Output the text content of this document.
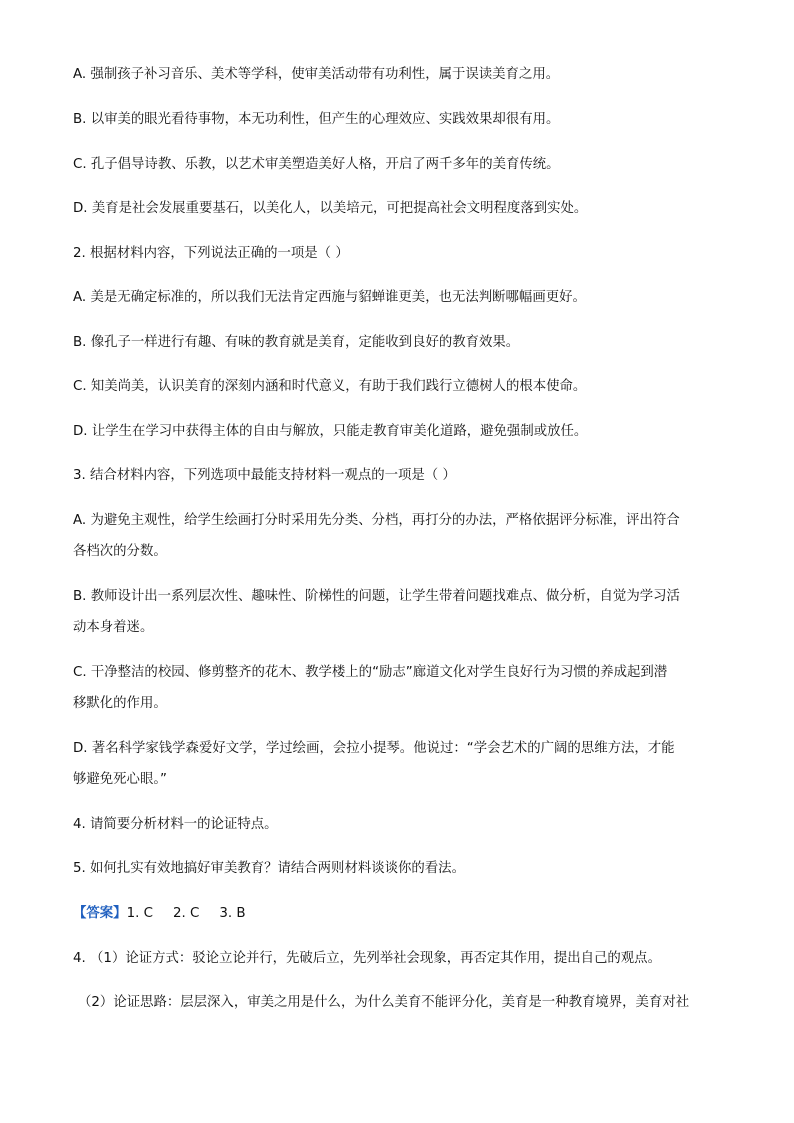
A. 强制孩子补习音乐、美术等学科，使审美活动带有功利性，属于误读美育之用。
B. 以审美的眼光看待事物，本无功利性，但产生的心理效应、实践效果却很有用。
C. 孔子倡导诗教、乐教，以艺术审美塑造美好人格，开启了两千多年的美育传统。
D. 美育是社会发展重要基石，以美化人，以美培元，可把提高社会文明程度落到实处。
2. 根据材料内容，下列说法正确的一项是（ ）
A. 美是无确定标准的，所以我们无法肯定西施与貂蝉谁更美，也无法判断哪幅画更好。
B. 像孔子一样进行有趣、有味的教育就是美育，定能收到良好的教育效果。
C. 知美尚美，认识美育的深刻内涵和时代意义，有助于我们践行立德树人的根本使命。
D. 让学生在学习中获得主体的自由与解放，只能走教育审美化道路，避免强制或放任。
3. 结合材料内容，下列选项中最能支持材料一观点的一项是（ ）
A. 为避免主观性，给学生绘画打分时采用先分类、分档，再打分的办法，严格依据评分标准，评出符合
各档次的分数。
B. 教师设计出一系列层次性、趣味性、阶梯性的问题，让学生带着问题找难点、做分析，自觉为学习活
动本身着迷。
C. 干净整洁的校园、修剪整齐的花木、教学楼上的“励志”廊道文化对学生良好行为习惯的养成起到潜
移默化的作用。
D. 著名科学家钱学森爱好文学，学过绘画，会拉小提琴。他说过：“学会艺术的广阔的思维方法，才能
够避免死心眼。”
4. 请简要分析材料一的论证特点。
5. 如何扎实有效地搞好审美教育？请结合两则材料谈谈你的看法。
【答案】1. C 2. C 3. B
4. （1）论证方式：驳论立论并行，先破后立，先列举社会现象，再否定其作用，提出自己的观点。
（2）论证思路：层层深入，审美之用是什么，为什么美育不能评分化，美育是一种教育境界，美育对社
